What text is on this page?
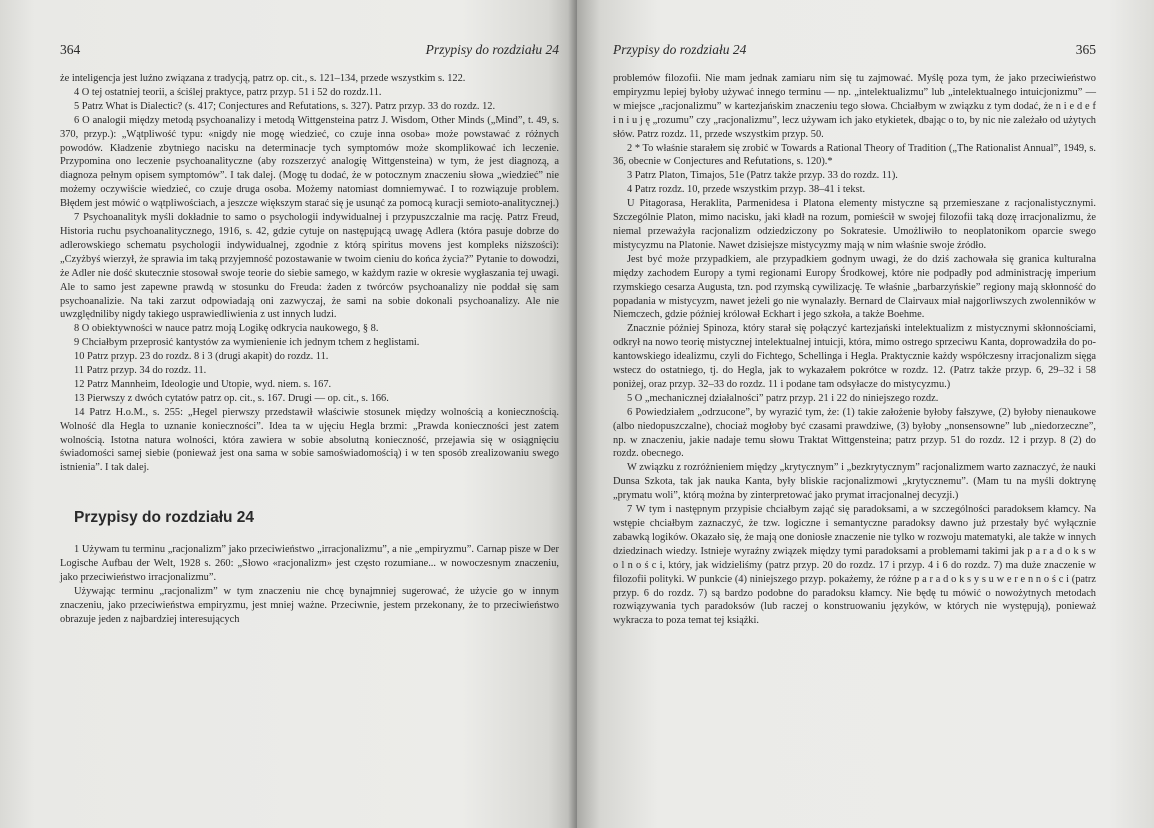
364	Przypisy do rozdziału 24

że inteligencja jest luźno związana z tradycją, patrz op. cit., s. 121–134, przede wszystkim s. 122.

4 O tej ostatniej teorii, a ściślej praktyce, patrz przyp. 51 i 52 do rozdz.11.

5 Patrz What is Dialectic? (s. 417; Conjectures and Refutations, s. 327). Patrz przyp. 33 do rozdz. 12.

6 O analogii między metodą psychoanalizy i metodą Wittgensteina patrz J. Wisdom, Other Minds („Mind”, t. 49, s. 370, przyp.): „Wątpliwość typu: «nigdy nie mogę wiedzieć, co czuje inna osoba» może powstawać z różnych powodów. Kładzenie zbytniego nacisku na determinacje tych symptomów może skomplikować ich leczenie. Przypomina ono leczenie psychoanalityczne (aby rozszerzyć analogię Wittgensteina) w tym, że jest diagnozą, a diagnoza pełnym opisem symptomów”. I tak dalej. (Mogę tu dodać, że w potocznym znaczeniu słowa „wiedzieć” nie możemy oczywiście wiedzieć, co czuje druga osoba. Możemy natomiast domniemywać. I to rozwiązuje problem. Błędem jest mówić o wątpliwościach, a jeszcze większym starać się je usunąć za pomocą kuracji semioto-analitycznej.)

7 Psychoanalityk myśli dokładnie to samo o psychologii indywidualnej i przypuszczalnie ma rację. Patrz Freud, Historia ruchu psychoanalitycznego, 1916, s. 42, gdzie cytuje on następującą uwagę Adlera (która pasuje dobrze do adlerowskiego schematu psychologii indywidualnej, zgodnie z którą spiritus movens jest kompleks niższości): „Czyżbyś wierzył, że sprawia im taką przyjemność pozostawanie w twoim cieniu do końca życia?” Pytanie to dowodzi, że Adler nie dość skutecznie stosował swoje teorie do siebie samego, w każdym razie w okresie wygłaszania tej uwagi. Ale to samo jest zapewne prawdą w stosunku do Freuda: żaden z twórców psychoanalizy nie poddał się sam psychoanalizie. Na taki zarzut odpowiadają oni zazwyczaj, że sami na sobie dokonali psychoanalizy. Ale nie uwzględniliby nigdy takiego usprawiedliwienia z ust innych ludzi.

8 O obiektywności w nauce patrz moją Logikę odkrycia naukowego, § 8.

9 Chciałbym przeprosić kantystów za wymienienie ich jednym tchem z heglistami.

10 Patrz przyp. 23 do rozdz. 8 i 3 (drugi akapit) do rozdz. 11.

11 Patrz przyp. 34 do rozdz. 11.

12 Patrz Mannheim, Ideologie und Utopie, wyd. niem. s. 167.

13 Pierwszy z dwóch cytatów patrz op. cit., s. 167. Drugi — op. cit., s. 166.

14 Patrz H.o.M., s. 255: „Hegel pierwszy przedstawił właściwie stosunek między wolnością a koniecznością. Wolność dla Hegla to uznanie konieczności”. Idea ta w ujęciu Hegla brzmi: „Prawda konieczności jest zatem wolnością. Istotna natura wolności, która zawiera w sobie absolutną konieczność, przejawia się w osiągnięciu świadomości samej siebie (ponieważ jest ona sama w sobie samoświadomością) i w ten sposób zrealizowaniu swego istnienia”. I tak dalej.

Przypisy do rozdziału 24

1 Używam tu terminu „racjonalizm” jako przeciwieństwo „irracjonalizmu”, a nie „empiryzmu”. Carnap pisze w Der Logische Aufbau der Welt, 1928 s. 260: „Słowo «racjonalizm» jest często rozumiane... w nowoczesnym znaczeniu, jako przeciwieństwo irracjonalizmu”.

Używając terminu „racjonalizm” w tym znaczeniu nie chcę bynajmniej sugerować, że użycie go w innym znaczeniu, jako przeciwieństwa empiryzmu, jest mniej ważne. Przeciwnie, jestem przekonany, że to przeciwieństwo obrazuje jeden z najbardziej interesujących

Przypisy do rozdziału 24	365

problemów filozofii. Nie mam jednak zamiaru nim się tu zajmować. Myślę poza tym, że jako przeciwieństwo empiryzmu lepiej byłoby używać innego terminu — np. „intelektualizmu” lub „intelektualnego intuicjonizmu” — w miejsce „racjonalizmu” w kartezjańskim znaczeniu tego słowa. Chciałbym w związku z tym dodać, że n i e d e f i n i u j ę „rozumu” czy „racjonalizmu”, lecz używam ich jako etykietek, dbając o to, by nic nie zależało od użytych słów. Patrz rozdz. 11, przede wszystkim przyp. 50.

2 * To właśnie starałem się zrobić w Towards a Rational Theory of Tradition („The Rationalist Annual”, 1949, s. 36, obecnie w Conjectures and Refutations, s. 120).*

3 Patrz Platon, Timajos, 51e (Patrz także przyp. 33 do rozdz. 11).

4 Patrz rozdz. 10, przede wszystkim przyp. 38–41 i tekst.

U Pitagorasa, Heraklita, Parmenidesa i Platona elementy mistyczne są przemieszane z racjonalistycznymi. Szczególnie Platon, mimo nacisku, jaki kładł na rozum, pomieścił w swojej filozofii taką dozę irracjonalizmu, że niemal przeważyła racjonalizm odziedziczony po Sokratesie. Umożliwiło to neoplatonikom oparcie swego mistycyzmu na Platonie. Nawet dzisiejsze mistycyzmy mają w nim właśnie swoje źródło.

Jest być może przypadkiem, ale przypadkiem godnym uwagi, że do dziś zachowała się granica kulturalna między zachodem Europy a tymi regionami Europy Środkowej, które nie podpadły pod administrację imperium rzymskiego cesarza Augusta, tzn. pod rzymską cywilizację. Te właśnie „barbarzyńskie” regiony mają skłonność do popadania w mistycyzm, nawet jeżeli go nie wynalazły. Bernard de Clairvaux miał najgorliwszych zwolenników w Niemczech, gdzie później królował Eckhart i jego szkoła, a także Boehme.

Znacznie później Spinoza, który starał się połączyć kartezjański intelektualizm z mistycznymi skłonnościami, odkrył na nowo teorię mistycznej intelektualnej intuicji, która, mimo ostrego sprzeciwu Kanta, doprowadziła do po-kantowskiego idealizmu, czyli do Fichtego, Schellinga i Hegla. Praktycznie każdy współczesny irracjonalizm sięga wstecz do ostatniego, tj. do Hegla, jak to wykazałem pokrótce w rozdz. 12. (Patrz także przyp. 6, 29–32 i 58 poniżej, oraz przyp. 32–33 do rozdz. 11 i podane tam odsyłacze do mistycyzmu.)

5 O „mechanicznej działalności” patrz przyp. 21 i 22 do niniejszego rozdz.

6 Powiedziałem „odrzucone”, by wyrazić tym, że: (1) takie założenie byłoby fałszywe, (2) byłoby nienaukowe (albo niedopuszczalne), chociaż mogłoby być czasami prawdziwe, (3) byłoby „nonsensowne” lub „niedorzeczne”, np. w znaczeniu, jakie nadaje temu słowu Traktat Wittgensteina; patrz przyp. 51 do rozdz. 12 i przyp. 8 (2) do rozdz. obecnego.

W związku z rozróżnieniem między „krytycznym” i „bezkrytycznym” racjonalizmem warto zaznaczyć, że nauki Dunsa Szkota, tak jak nauka Kanta, były bliskie racjonalizmowi „krytycznemu”. (Mam tu na myśli doktrynę „prymatu woli”, którą można by zinterpretować jako prymat irracjonalnej decyzji.)

7 W tym i następnym przypisie chciałbym zająć się paradoksami, a w szczególności paradoksem kłamcy. Na wstępie chciałbym zaznaczyć, że tzw. logiczne i semantyczne paradoksy dawno już przestały być wyłącznie zabawką logików. Okazało się, że mają one doniosłe znaczenie nie tylko w rozwoju matematyki, ale także w innych dziedzinach wiedzy. Istnieje wyraźny związek między tymi paradoksami a problemami takimi jak p a r a d o k s w o l n o ś c i, który, jak widzieliśmy (patrz przyp. 20 do rozdz. 17 i przyp. 4 i 6 do rozdz. 7) ma duże znaczenie w filozofii polityki. W punkcie (4) niniejszego przyp. pokażemy, że różne p a r a d o k s y s u w e r e n n o ś c i (patrz przyp. 6 do rozdz. 7) są bardzo podobne do paradoksu kłamcy. Nie będę tu mówić o nowożytnych metodach rozwiązywania tych paradoksów (lub raczej o konstruowaniu języków, w których nie występują), ponieważ wykracza to poza temat tej książki.
